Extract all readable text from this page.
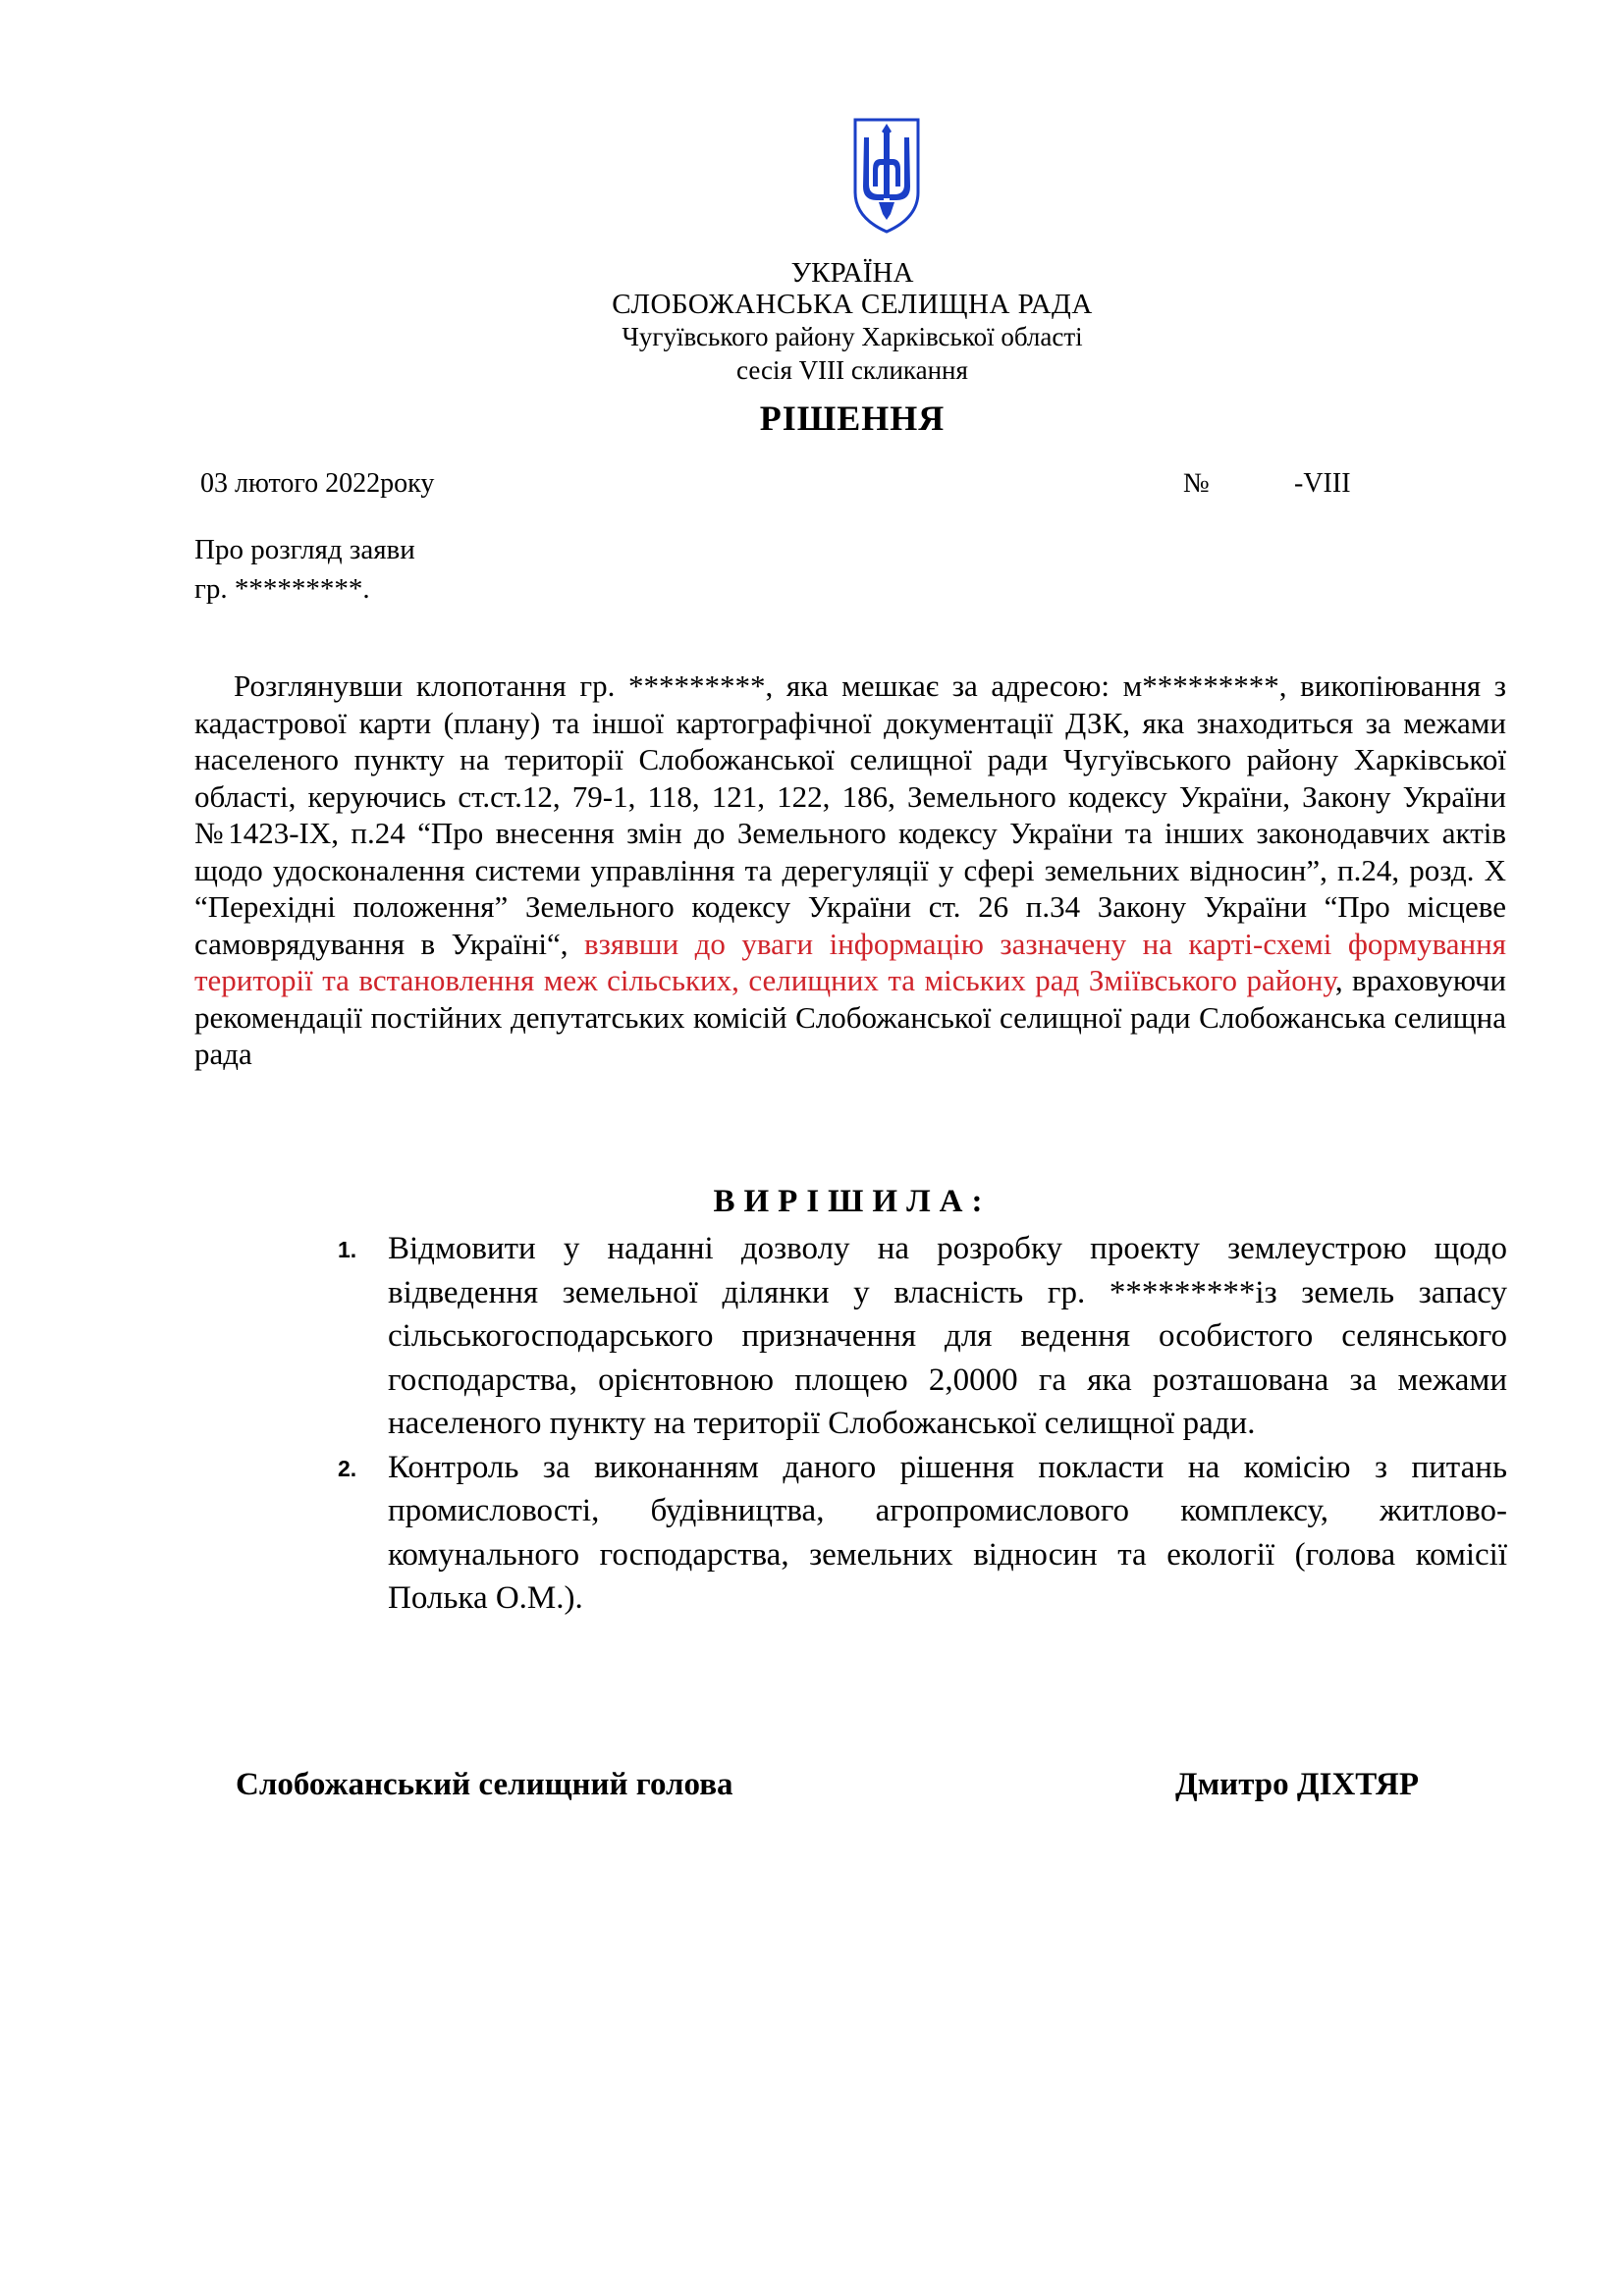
УКРАЇНА
СЛОБОЖАНСЬКА СЕЛИЩНА РАДА
Чугуївського району Харківської області
сесія VIII скликання
РІШЕННЯ
03 лютого 2022року	№	-VIII
Про розгляд заяви
гр. *********.

Розглянувши клопотання гр. *********, яка мешкає за адресою: м*********, викопіювання з кадастрової карти (плану) та іншої картографічної документації ДЗК, яка знаходиться за межами населеного пункту на території Слобожанської селищної ради Чугуївського району Харківської області, керуючись ст.ст.12, 79-1, 118, 121, 122, 186, Земельного кодексу України, Закону України №1423-IX, п.24 “Про внесення змін до Земельного кодексу України та інших законодавчих актів щодо удосконалення системи управління та дерегуляції у сфері земельних відносин”, п.24, розд. X “Перехідні положення” Земельного кодексу України ст. 26 п.34 Закону України “Про місцеве самоврядування в Україні“, взявши до уваги інформацію зазначену на карті-схемі формування території та встановлення меж сільських, селищних та міських рад Зміївського району, враховуючи рекомендації постійних депутатських комісій Слобожанської селищної ради Слобожанська селищна рада

ВИРІШИЛА:
1. Відмовити у наданні дозволу на розробку проекту землеустрою щодо відведення земельної ділянки у власність гр. *********із земель запасу сільськогосподарського призначення для ведення особистого селянського господарства, орієнтовною площею 2,0000 га яка розташована за межами населеного пункту на території Слобожанської селищної ради.
2. Контроль за виконанням даного рішення покласти на комісію з питань промисловості, будівництва, агропромислового комплексу, житлово-комунального господарства, земельних відносин та екології (голова комісії Полька О.М.).
Слобожанський селищний голова	Дмитро ДІХТЯР
